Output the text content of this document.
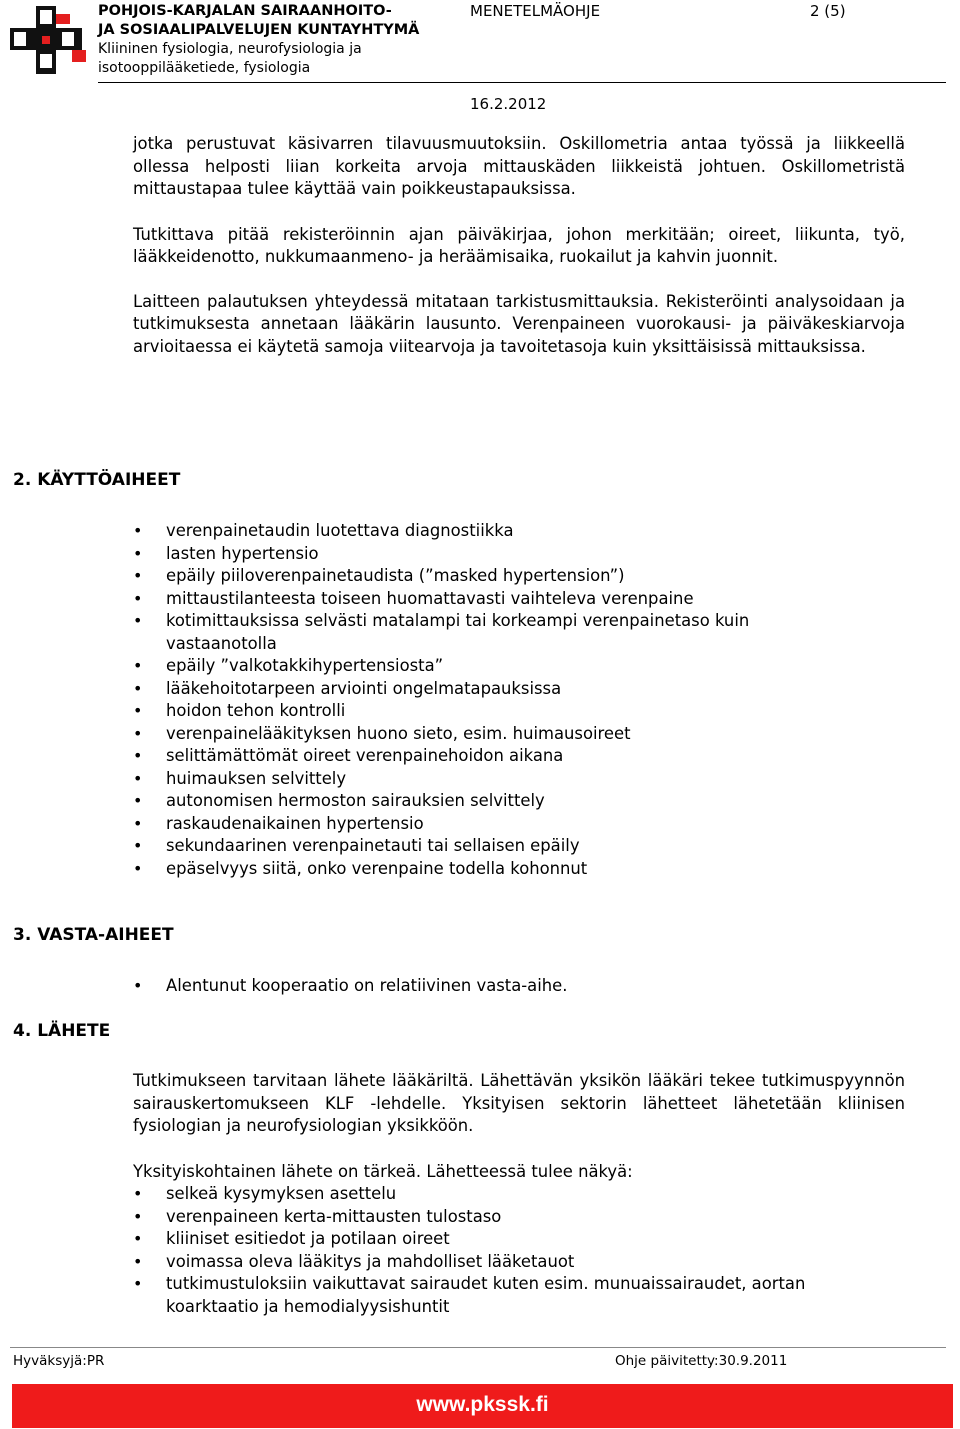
POHJOIS-KARJALAN SAIRAANHOITO-
JA SOSIAALIPALVELUJEN KUNTAYHTYMÄ
Kliininen fysiologia, neurofysiologia ja
isotooppilääketiede, fysiologia
MENETELMÄOHJE	2 (5)
16.2.2012

jotka perustuvat käsivarren tilavuusmuutoksiin. Oskillometria antaa työssä ja liikkeellä ollessa helposti liian korkeita arvoja mittauskäden liikkeistä johtuen. Oskillometristä mittaustapaa tulee käyttää vain poikkeustapauksissa.

Tutkittava pitää rekisteröinnin ajan päiväkirjaa, johon merkitään; oireet, liikunta, työ, lääkkeidenotto, nukkumaanmeno- ja heräämisaika, ruokailut ja kahvin juonnit.

Laitteen palautuksen yhteydessä mitataan tarkistusmittauksia. Rekisteröinti analysoidaan ja tutkimuksesta annetaan lääkärin lausunto. Verenpaineen vuorokausi- ja päiväkeskiarvoja arvioitaessa ei käytetä samoja viitearvoja ja tavoitetasoja kuin yksittäisissä mittauksissa.

2. KÄYTTÖAIHEET
• verenpainetaudin luotettava diagnostiikka
• lasten hypertensio
• epäily piiloverenpainetaudista (”masked hypertension”)
• mittaustilanteesta toiseen huomattavasti vaihteleva verenpaine
• kotimittauksissa selvästi matalampi tai korkeampi verenpainetaso kuin vastaanotolla
• epäily ”valkotakkihypertensiosta”
• lääkehoitotarpeen arviointi ongelmatapauksissa
• hoidon tehon kontrolli
• verenpainelääkityksen huono sieto, esim. huimausoireet
• selittämättömät oireet verenpainehoidon aikana
• huimauksen selvittely
• autonomisen hermoston sairauksien selvittely
• raskaudenaikainen hypertensio
• sekundaarinen verenpainetauti tai sellaisen epäily
• epäselvyys siitä, onko verenpaine todella kohonnut
3. VASTA-AIHEET
• Alentunut kooperaatio on relatiivinen vasta-aihe.
4. LÄHETE

Tutkimukseen tarvitaan lähete lääkäriltä. Lähettävän yksikön lääkäri tekee tutkimuspyynnön sairauskertomukseen KLF -lehdelle. Yksityisen sektorin lähetteet lähetetään kliinisen fysiologian ja neurofysiologian yksikköön.

Yksityiskohtainen lähete on tärkeä. Lähetteessä tulee näkyä:

• selkeä kysymyksen asettelu
• verenpaineen kerta-mittausten tulostaso
• kliiniset esitiedot ja potilaan oireet
• voimassa oleva lääkitys ja mahdolliset lääketauot
• tutkimustuloksiin vaikuttavat sairaudet kuten esim. munuaissairaudet, aortan koarktaatio ja hemodialyysishuntit
Hyväksyjä:PR	Ohje päivitetty:30.9.2011
www.pkssk.fi
